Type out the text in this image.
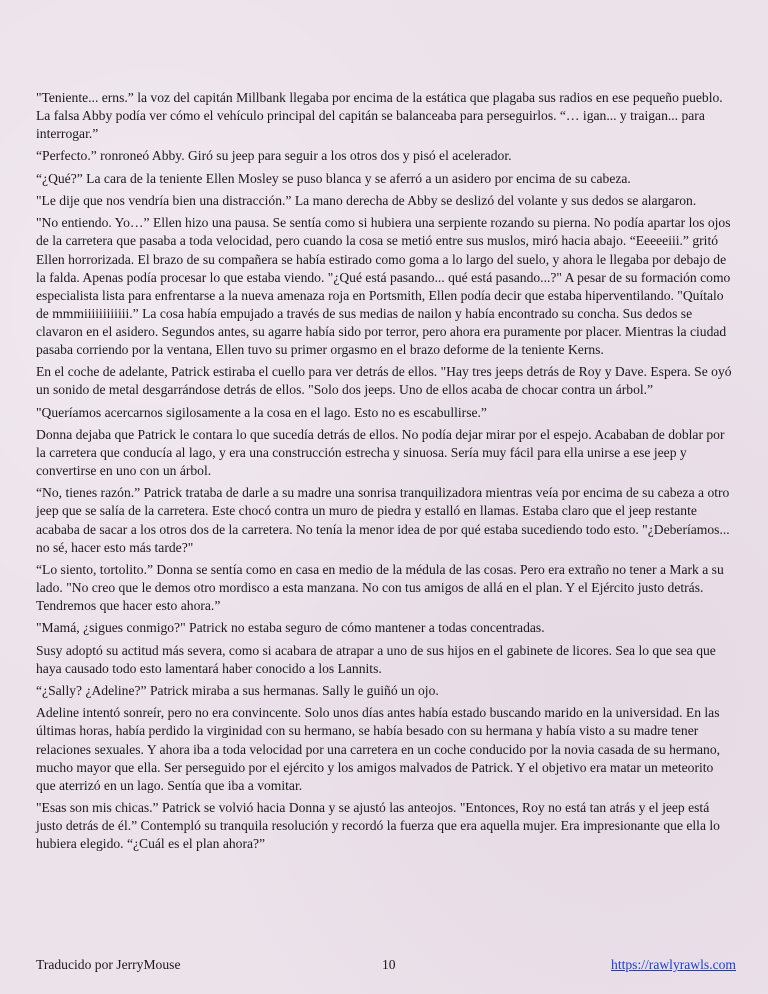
"Teniente... erns.” la voz del capitán Millbank llegaba por encima de la estática que plagaba sus radios en ese pequeño pueblo. La falsa Abby podía ver cómo el vehículo principal del capitán se balanceaba para perseguirlos. “… igan... y traigan... para interrogar.”
“Perfecto.” ronroneó Abby. Giró su jeep para seguir a los otros dos y pisó el acelerador.
“¿Qué?” La cara de la teniente Ellen Mosley se puso blanca y se aferró a un asidero por encima de su cabeza.
"Le dije que nos vendría bien una distracción.” La mano derecha de Abby se deslizó del volante y sus dedos se alargaron.
"No entiendo. Yo…” Ellen hizo una pausa. Se sentía como si hubiera una serpiente rozando su pierna. No podía apartar los ojos de la carretera que pasaba a toda velocidad, pero cuando la cosa se metió entre sus muslos, miró hacia abajo. “Eeeeeiii.” gritó Ellen horrorizada. El brazo de su compañera se había estirado como goma a lo largo del suelo, y ahora le llegaba por debajo de la falda. Apenas podía procesar lo que estaba viendo. "¿Qué está pasando... qué está pasando...?" A pesar de su formación como especialista lista para enfrentarse a la nueva amenaza roja en Portsmith, Ellen podía decir que estaba hiperventilando. "Quítalo de mmmiiiiiiiiiiii.” La cosa había empujado a través de sus medias de nailon y había encontrado su concha. Sus dedos se clavaron en el asidero. Segundos antes, su agarre había sido por terror, pero ahora era puramente por placer. Mientras la ciudad pasaba corriendo por la ventana, Ellen tuvo su primer orgasmo en el brazo deforme de la teniente Kerns.
En el coche de adelante, Patrick estiraba el cuello para ver detrás de ellos. "Hay tres jeeps detrás de Roy y Dave. Espera. Se oyó un sonido de metal desgarrándose detrás de ellos. "Solo dos jeeps. Uno de ellos acaba de chocar contra un árbol.”
"Queríamos acercarnos sigilosamente a la cosa en el lago. Esto no es escabullirse.”
Donna dejaba que Patrick le contara lo que sucedía detrás de ellos. No podía dejar mirar por el espejo. Acababan de doblar por la carretera que conducía al lago, y era una construcción estrecha y sinuosa. Sería muy fácil para ella unirse a ese jeep y convertirse en uno con un árbol.
“No, tienes razón.” Patrick trataba de darle a su madre una sonrisa tranquilizadora mientras veía por encima de su cabeza a otro jeep que se salía de la carretera. Este chocó contra un muro de piedra y estalló en llamas. Estaba claro que el jeep restante acababa de sacar a los otros dos de la carretera. No tenía la menor idea de por qué estaba sucediendo todo esto. "¿Deberíamos... no sé, hacer esto más tarde?"
“Lo siento, tortolito.” Donna se sentía como en casa en medio de la médula de las cosas. Pero era extraño no tener a Mark a su lado. "No creo que le demos otro mordisco a esta manzana. No con tus amigos de allá en el plan. Y el Ejército justo detrás. Tendremos que hacer esto ahora.”
"Mamá, ¿sigues conmigo?" Patrick no estaba seguro de cómo mantener a todas concentradas.
Susy adoptó su actitud más severa, como si acabara de atrapar a uno de sus hijos en el gabinete de licores. Sea lo que sea que haya causado todo esto lamentará haber conocido a los Lannits.
“¿Sally? ¿Adeline?” Patrick miraba a sus hermanas. Sally le guiñó un ojo.
Adeline intentó sonreír, pero no era convincente. Solo unos días antes había estado buscando marido en la universidad. En las últimas horas, había perdido la virginidad con su hermano, se había besado con su hermana y había visto a su madre tener relaciones sexuales. Y ahora iba a toda velocidad por una carretera en un coche conducido por la novia casada de su hermano, mucho mayor que ella. Ser perseguido por el ejército y los amigos malvados de Patrick. Y el objetivo era matar un meteorito que aterrizó en un lago. Sentía que iba a vomitar.
"Esas son mis chicas.” Patrick se volvió hacia Donna y se ajustó las anteojos. "Entonces, Roy no está tan atrás y el jeep está justo detrás de él.” Contempló su tranquila resolución y recordó la fuerza que era aquella mujer. Era impresionante que ella lo hubiera elegido. “¿Cuál es el plan ahora?”
Traducido por JerryMouse	10	https://rawlyrawls.com
